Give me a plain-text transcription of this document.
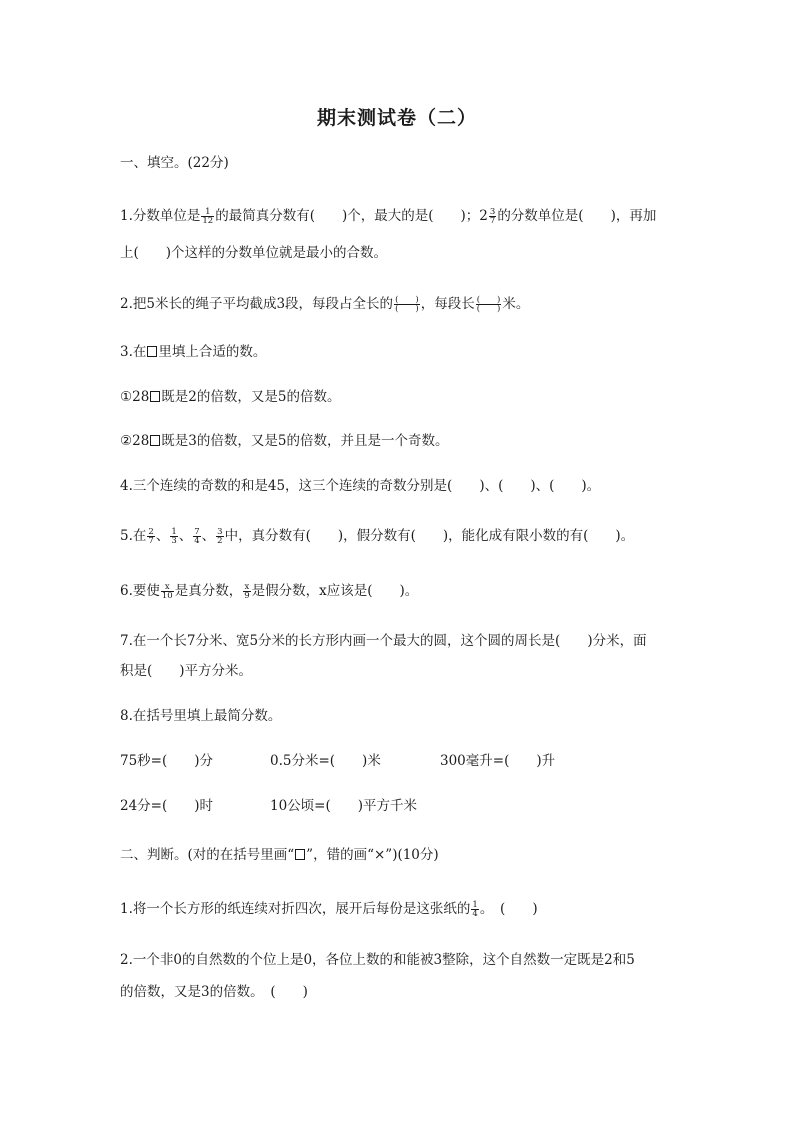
期末测试卷（二）
一、填空。(22分)
1.分数单位是 $\frac{1}{12}$ 的最简真分数有(　　)个，最大的是(　　)；$2 \frac{3}{7}$ 的分数单位是(　　)，再加
上(　　)个这样的分数单位就是最小的合数。
2.把5米长的绳子平均截成3段，每段占全长的 $\frac{( )}{( )}$ ，每段长 $\frac{( )}{( )}$ 米。
3.在 里填上合适的数。
①28 既是2的倍数，又是5的倍数。
②28 既是3的倍数，又是5的倍数，并且是一个奇数。
4.三个连续的奇数的和是45，这三个连续的奇数分别是(　　)、(　　)、(　　)。
5.在 $\frac{2}{7}$ 、 $\frac{1}{3}$ 、 $\frac{7}{4}$ 、 $\frac{3}{2}$ 中，真分数有(　　)，假分数有(　　)，能化成有限小数的有(　　)。
6.要使 $\frac{x}{10}$ 是真分数， $\frac{x}{9}$ 是假分数，x应该是(　　)。
7.在一个长7分米、宽5分米的长方形内画一个最大的圆，这个圆的周长是(　　)分米，面
积是(　　)平方分米。
8.在括号里填上最简分数。
75秒=(　　)分	0.5分米=(　　)米	300毫升=(　　)升
24分=(　　)时	10公顷=(　　)平方千米
二、判断。(对的在括号里画“ ”，错的画“×”)(10分)
1.将一个长方形的纸连续对折四次，展开后每份是这张纸的 $\frac{1}{4}$ 。　(　　)
2.一个非0的自然数的个位上是0，各位上数的和能被3整除，这个自然数一定既是2和5
的倍数，又是3的倍数。　(　　)
